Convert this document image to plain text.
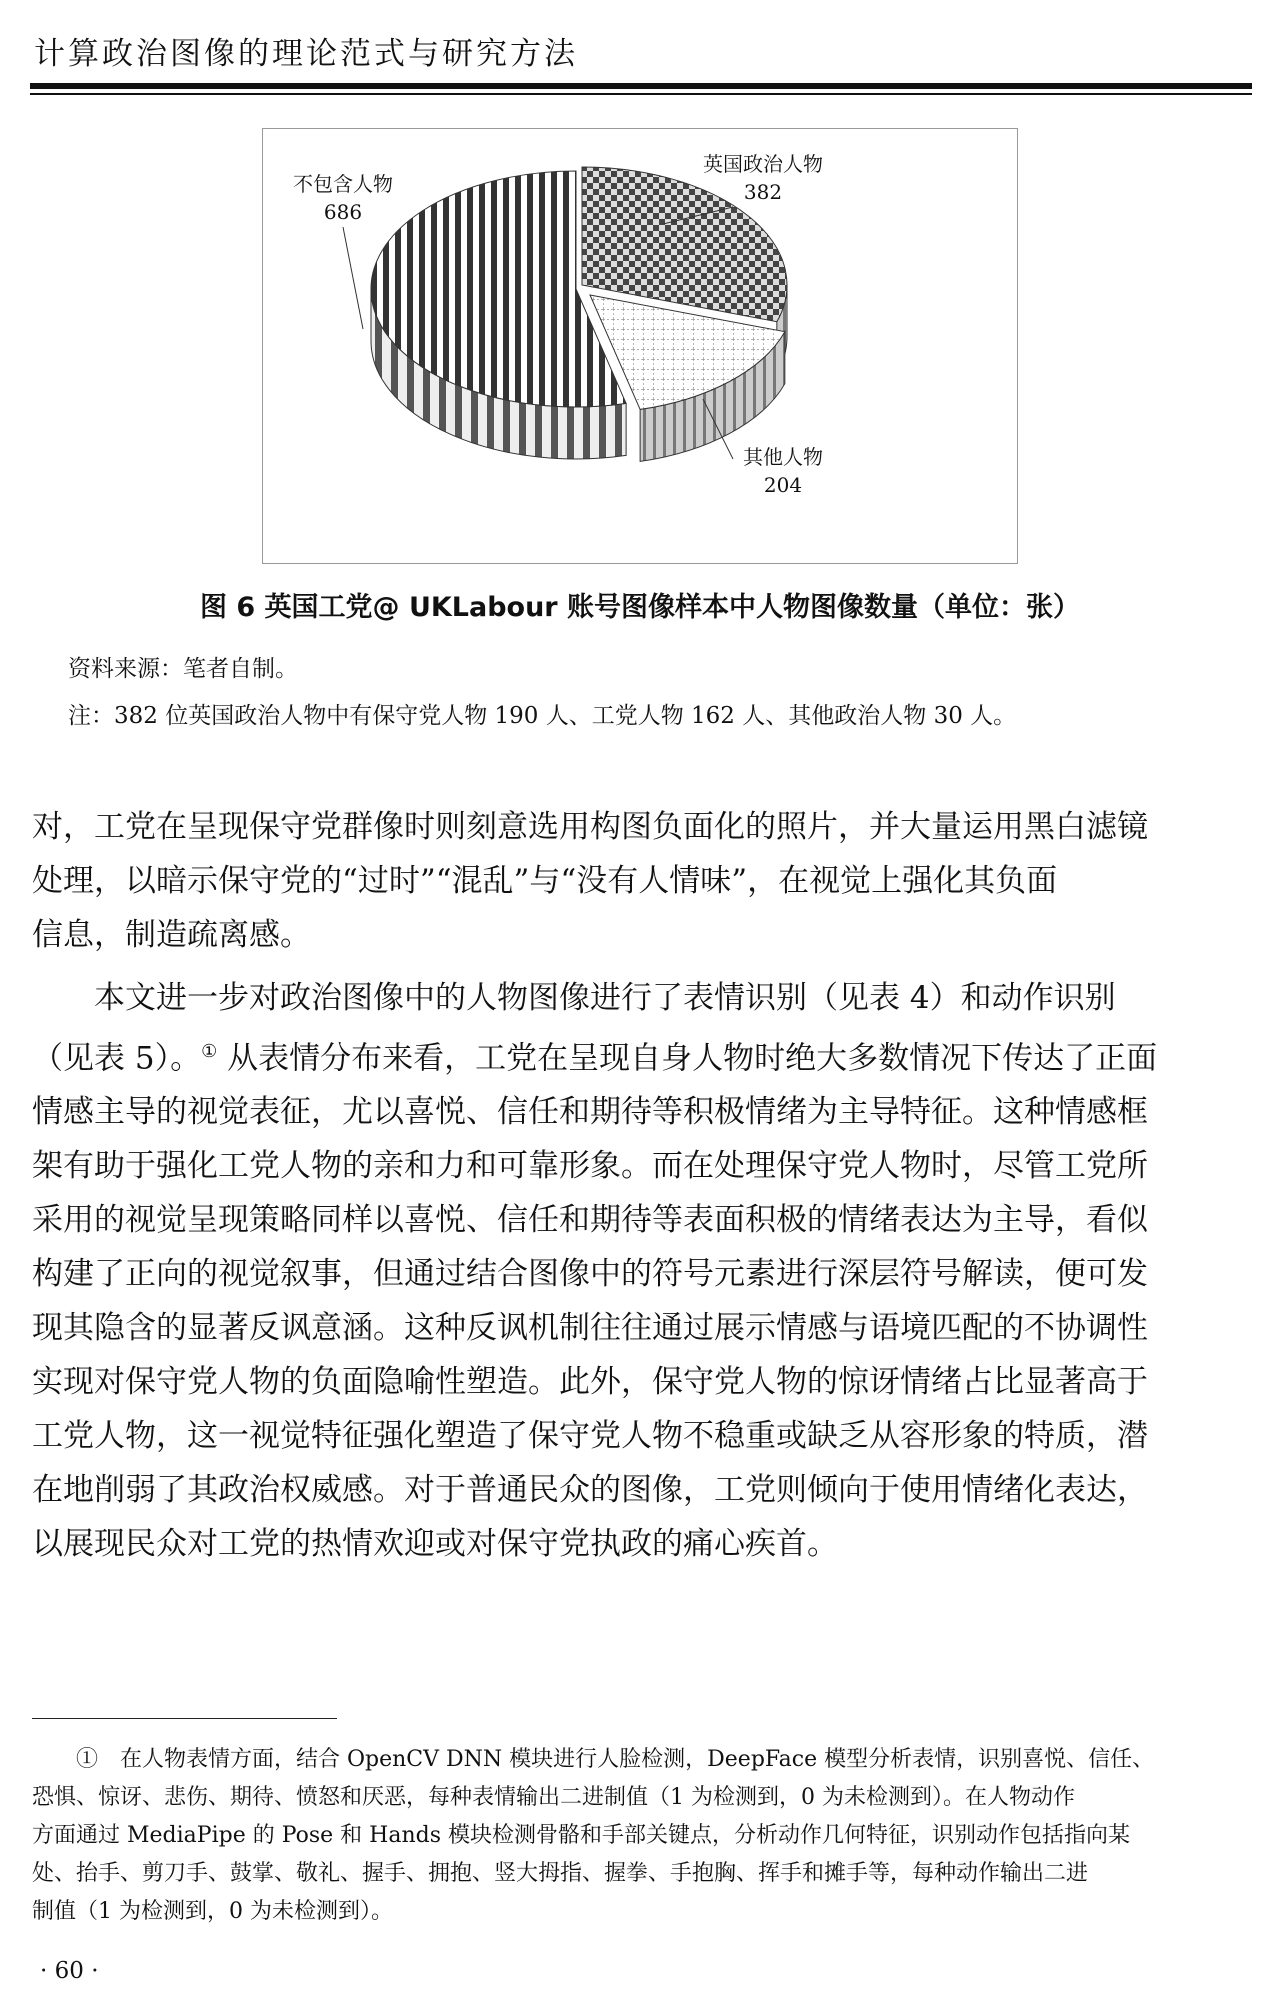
计算政治图像的理论范式与研究方法
英国政治人物
382
其他人物
204
不包含人物
686
图 6 英国工党@ UKLabour 账号图像样本中人物图像数量（单位：张）
资料来源：笔者自制。
注：382 位英国政治人物中有保守党人物 190 人、工党人物 162 人、其他政治人物 30 人。
对，工党在呈现保守党群像时则刻意选用构图负面化的照片，并大量运用黑白滤镜
处理，以暗示保守党的“过时”“混乱”与“没有人情味”，在视觉上强化其负面
信息，制造疏离感。
　　本文进一步对政治图像中的人物图像进行了表情识别（见表 4）和动作识别
（见表 5）。① 从表情分布来看，工党在呈现自身人物时绝大多数情况下传达了正面
情感主导的视觉表征，尤以喜悦、信任和期待等积极情绪为主导特征。这种情感框
架有助于强化工党人物的亲和力和可靠形象。而在处理保守党人物时，尽管工党所
采用的视觉呈现策略同样以喜悦、信任和期待等表面积极的情绪表达为主导，看似
构建了正向的视觉叙事，但通过结合图像中的符号元素进行深层符号解读，便可发
现其隐含的显著反讽意涵。这种反讽机制往往通过展示情感与语境匹配的不协调性
实现对保守党人物的负面隐喻性塑造。此外，保守党人物的惊讶情绪占比显著高于
工党人物，这一视觉特征强化塑造了保守党人物不稳重或缺乏从容形象的特质，潜
在地削弱了其政治权威感。对于普通民众的图像，工党则倾向于使用情绪化表达，
以展现民众对工党的热情欢迎或对保守党执政的痛心疾首。
　　①　在人物表情方面，结合 OpenCV DNN 模块进行人脸检测，DeepFace 模型分析表情，识别喜悦、信任、
恐惧、惊讶、悲伤、期待、愤怒和厌恶，每种表情输出二进制值（1 为检测到，0 为未检测到）。在人物动作
方面通过 MediaPipe 的 Pose 和 Hands 模块检测骨骼和手部关键点，分析动作几何特征，识别动作包括指向某
处、抬手、剪刀手、鼓掌、敬礼、握手、拥抱、竖大拇指、握拳、手抱胸、挥手和摊手等，每种动作输出二进
制值（1 为检测到，0 为未检测到）。
· 60 ·
